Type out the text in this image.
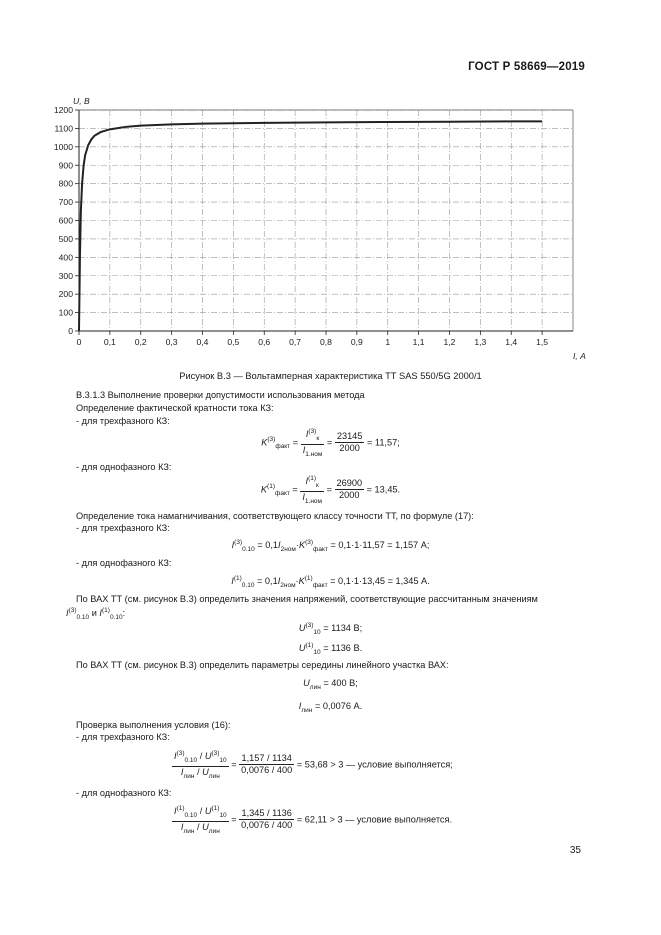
ГОСТ Р 58669—2019
0
100
200
300
400
500
600
700
800
900
1000
1100
1200
0	0,1 0,2 0,3 0,4 0,5 0,6 0,7 0,8 0,9	1	1,1 1,2 1,3 1,4 1,5
U, В
I, А
Рисунок В.3 — Вольтамперная характеристика ТТ SAS 550/5G 2000/1
В.3.1.3 Выполнение проверки допустимости использования метода
Определение фактической кратности тока КЗ:
- для трехфазного КЗ:
$K^{(3)}_{факт}$ =
$I^{(3)}_к$
$I_{1.ном}$
= $\frac{23145}{2000} = 11,57$;
- для однофазного КЗ:
$K^{(1)}_{факт}$ =
$I^{(1)}_к$
$I_{1.ном}$
= $\frac{26900}{2000} = 13,45$.
Определение тока намагничивания, соответствующего классу точности ТТ, по формуле (17):
- для трехфазного КЗ:
$I^{(3)}_{0.10} = 0,1I_{2ном}\cdot K^{(3)}_{факт} = 0,1\cdot 1\cdot 11,57 = 1,157$ А;
- для однофазного КЗ:
$I^{(1)}_{0.10} = 0,1I_{2ном}\cdot K^{(1)}_{факт} = 0,1\cdot 1\cdot 13,45 = 1,345$ А.
По ВАХ ТТ (см. рисунок В.3) определить значения напряжений, соответствующие рассчитанным значениям
$I^{(3)}_{0.10}$ и $I^{(1)}_{0.10}$:
$U^{(3)}_{10} = 1134$ В;
$U^{(1)}_{10} = 1136$ В.
По ВАХ ТТ (см. рисунок В.3) определить параметры середины линейного участка ВАХ:
$U_{лин} = 400$ В;
$I_{лин} = 0,0076$ А.
Проверка выполнения условия (16):
- для трехфазного КЗ:
$I^{(3)}_{0.10} / U^{(3)}_{10}$
$I_{лин} / U_{лин}$
= $\frac{1,157 / 1134}{0,0076 / 400} = 53,68 > 3$ — условие выполняется;
- для однофазного КЗ:
$I^{(1)}_{0.10} / U^{(1)}_{10}$
$I_{лин} / U_{лин}$
= $\frac{1,345 / 1136}{0,0076 / 400} = 62,11 > 3$ — условие выполняется.
35
